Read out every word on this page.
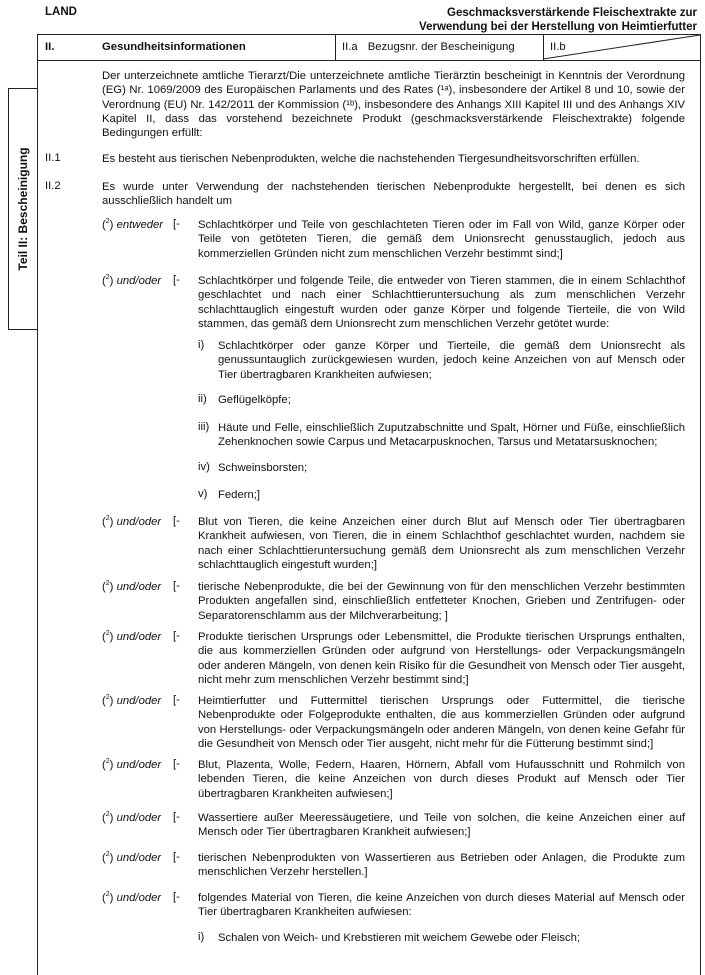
LAND	Geschmacksverstärkende Fleischextrakte zur
Verwendung bei der Herstellung von Heimtierfutter
II.	Gesundheitsinformationen	II.a Bezugsnr. der Bescheinigung	II.b
Teil II: Bescheinigung
Der unterzeichnete amtliche Tierarzt/Die unterzeichnete amtliche Tierärztin bescheinigt in Kenntnis der Verordnung (EG) Nr. 1069/2009 des Europäischen Parlaments und des Rates (¹ᵃ), insbesondere der Artikel 8 und 10, sowie der Verordnung (EU) Nr. 142/2011 der Kommission (¹ᵇ), insbesondere des Anhangs XIII Kapitel III und des Anhangs XIV Kapitel II, dass das vorstehend bezeichnete Produkt (geschmacksverstärkende Fleischextrakte) folgende Bedingungen erfüllt:
II.1	Es besteht aus tierischen Nebenprodukten, welche die nachstehenden Tiergesundheitsvorschriften erfüllen.
II.2	Es wurde unter Verwendung der nachstehenden tierischen Nebenprodukte hergestellt, bei denen es sich ausschließlich handelt um
($^2$) entweder [- Schlachtkörper und Teile von geschlachteten Tieren oder im Fall von Wild, ganze Körper oder Teile von getöteten Tieren, die gemäß dem Unionsrecht genusstauglich, jedoch aus kommerziellen Gründen nicht zum menschlichen Verzehr bestimmt sind;]
($^2$) und/oder [- Schlachtkörper und folgende Teile, die entweder von Tieren stammen, die in einem Schlachthof geschlachtet und nach einer Schlachttieruntersuchung als zum menschlichen Verzehr schlachttauglich eingestuft wurden oder ganze Körper und folgende Tierteile, die von Wild stammen, das gemäß dem Unionsrecht zum menschlichen Verzehr getötet wurde:
i) Schlachtkörper oder ganze Körper und Tierteile, die gemäß dem Unionsrecht als genussuntauglich zurückgewiesen wurden, jedoch keine Anzeichen von auf Mensch oder Tier übertragbaren Krankheiten aufwiesen;
ii) Geflügelköpfe;
iii) Häute und Felle, einschließlich Zuputzabschnitte und Spalt, Hörner und Füße, einschließlich Zehenknochen sowie Carpus und Metacarpusknochen, Tarsus und Metatarsusknochen;
iv) Schweinsborsten;
v) Federn;]
($^2$) und/oder [- Blut von Tieren, die keine Anzeichen einer durch Blut auf Mensch oder Tier übertragbaren Krankheit aufwiesen, von Tieren, die in einem Schlachthof geschlachtet wurden, nachdem sie nach einer Schlachttieruntersuchung gemäß dem Unionsrecht als zum menschlichen Verzehr schlachttauglich eingestuft wurden;]
($^2$) und/oder [- tierische Nebenprodukte, die bei der Gewinnung von für den menschlichen Verzehr bestimmten Produkten angefallen sind, einschließlich entfetteter Knochen, Grieben und Zentrifugen- oder Separatorenschlamm aus der Milchverarbeitung; ]
($^2$) und/oder [- Produkte tierischen Ursprungs oder Lebensmittel, die Produkte tierischen Ursprungs enthalten, die aus kommerziellen Gründen oder aufgrund von Herstellungs- oder Verpackungsmängeln oder anderen Mängeln, von denen kein Risiko für die Gesundheit von Mensch oder Tier ausgeht, nicht mehr zum menschlichen Verzehr bestimmt sind;]
($^2$) und/oder [- Heimtierfutter und Futtermittel tierischen Ursprungs oder Futtermittel, die tierische Nebenprodukte oder Folgeprodukte enthalten, die aus kommerziellen Gründen oder aufgrund von Herstellungs- oder Verpackungsmängeln oder anderen Mängeln, von denen keine Gefahr für die Gesundheit von Mensch oder Tier ausgeht, nicht mehr für die Fütterung bestimmt sind;]
($^2$) und/oder [- Blut, Plazenta, Wolle, Federn, Haaren, Hörnern, Abfall vom Hufausschnitt und Rohmilch von lebenden Tieren, die keine Anzeichen von durch dieses Produkt auf Mensch oder Tier übertragbaren Krankheiten aufwiesen;]
($^2$) und/oder [- Wassertiere außer Meeressäugetiere, und Teile von solchen, die keine Anzeichen einer auf Mensch oder Tier übertragbaren Krankheit aufwiesen;]
($^2$) und/oder [- tierischen Nebenprodukten von Wassertieren aus Betrieben oder Anlagen, die Produkte zum menschlichen Verzehr herstellen.]
($^2$) und/oder [- folgendes Material von Tieren, die keine Anzeichen von durch dieses Material auf Mensch oder Tier übertragbaren Krankheiten aufwiesen:
i) Schalen von Weich- und Krebstieren mit weichem Gewebe oder Fleisch;
